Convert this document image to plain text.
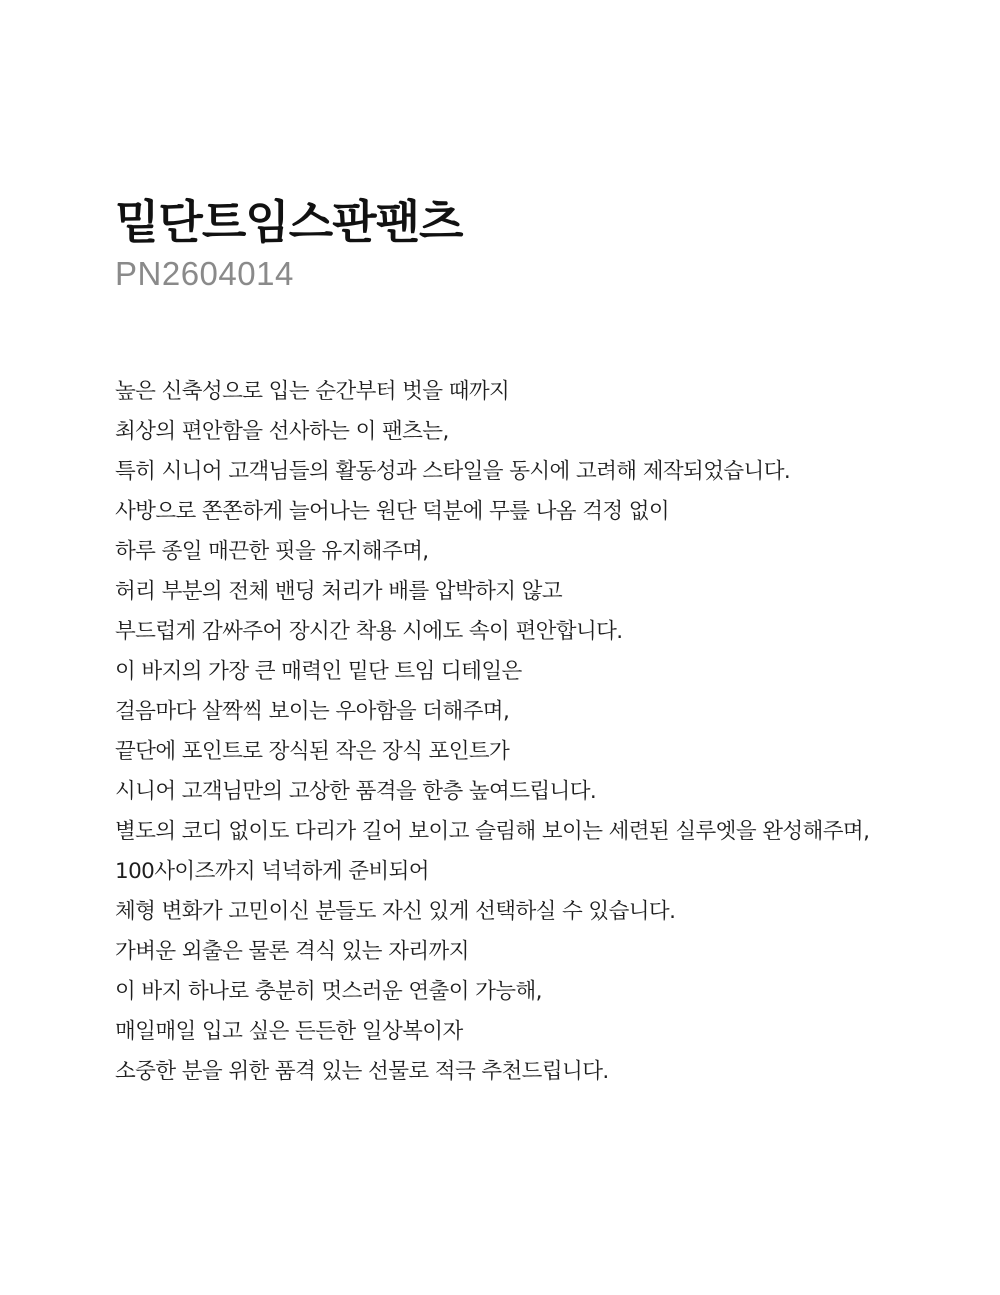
밑단트임스판팬츠

PN2604014

높은 신축성으로 입는 순간부터 벗을 때까지
최상의 편안함을 선사하는 이 팬츠는,
특히 시니어 고객님들의 활동성과 스타일을 동시에 고려해 제작되었습니다.
사방으로 쫀쫀하게 늘어나는 원단 덕분에 무릎 나옴 걱정 없이
하루 종일 매끈한 핏을 유지해주며,
허리 부분의 전체 밴딩 처리가 배를 압박하지 않고
부드럽게 감싸주어 장시간 착용 시에도 속이 편안합니다.
이 바지의 가장 큰 매력인 밑단 트임 디테일은
걸음마다 살짝씩 보이는 우아함을 더해주며,
끝단에 포인트로 장식된 작은 장식 포인트가
시니어 고객님만의 고상한 품격을 한층 높여드립니다.
별도의 코디 없이도 다리가 길어 보이고 슬림해 보이는 세련된 실루엣을 완성해주며,
100사이즈까지 넉넉하게 준비되어
체형 변화가 고민이신 분들도 자신 있게 선택하실 수 있습니다.
가벼운 외출은 물론 격식 있는 자리까지
이 바지 하나로 충분히 멋스러운 연출이 가능해,
매일매일 입고 싶은 든든한 일상복이자
소중한 분을 위한 품격 있는 선물로 적극 추천드립니다.
